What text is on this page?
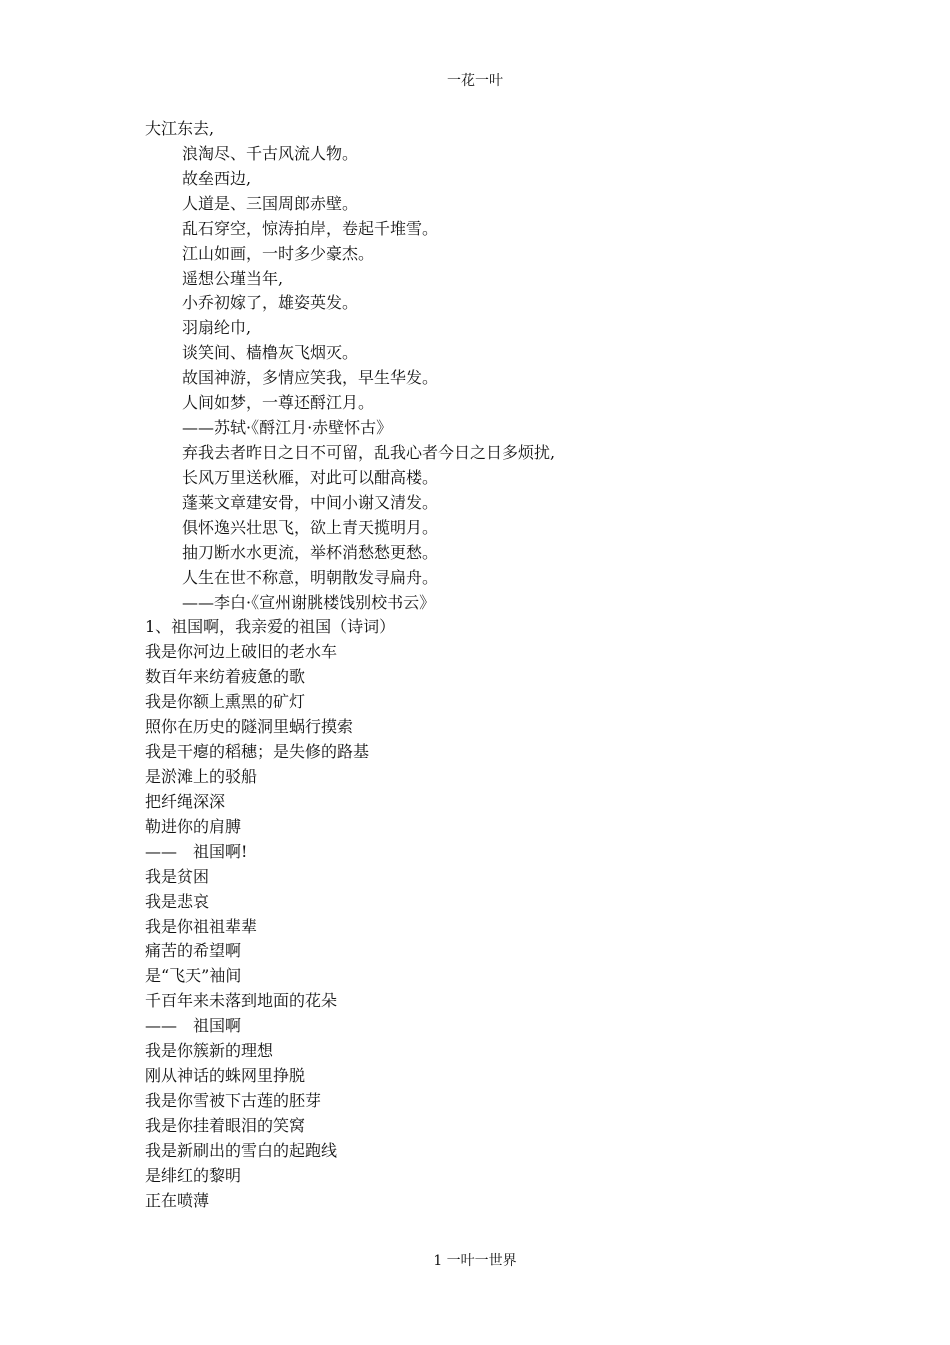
一花一叶
大江东去,
浪淘尽、千古风流人物。
故垒西边,
人道是、三国周郎赤壁。
乱石穿空，惊涛拍岸，卷起千堆雪。
江山如画，一时多少豪杰。
遥想公瑾当年,
小乔初嫁了，雄姿英发。
羽扇纶巾,
谈笑间、樯橹灰飞烟灭。
故国神游，多情应笑我，早生华发。
人间如梦，一尊还酹江月。
——苏轼·《酹江月·赤壁怀古》
弃我去者昨日之日不可留，乱我心者今日之日多烦扰,
长风万里送秋雁，对此可以酣高楼。
蓬莱文章建安骨，中间小谢又清发。
俱怀逸兴壮思飞，欲上青天揽明月。
抽刀断水水更流，举杯消愁愁更愁。
人生在世不称意，明朝散发寻扁舟。
——李白·《宣州谢朓楼饯别校书云》
1、祖国啊，我亲爱的祖国（诗词）
我是你河边上破旧的老水车
数百年来纺着疲惫的歌
我是你额上熏黑的矿灯
照你在历史的隧洞里蜗行摸索
我是干瘪的稻穗；是失修的路基
是淤滩上的驳船
把纤绳深深
勒进你的肩膊
——　祖国啊!
我是贫困
我是悲哀
我是你祖祖辈辈
痛苦的希望啊
是“飞天”袖间
千百年来未落到地面的花朵
——　祖国啊
我是你簇新的理想
刚从神话的蛛网里挣脱
我是你雪被下古莲的胚芽
我是你挂着眼泪的笑窝
我是新刷出的雪白的起跑线
是绯红的黎明
正在喷薄
1 一叶一世界
